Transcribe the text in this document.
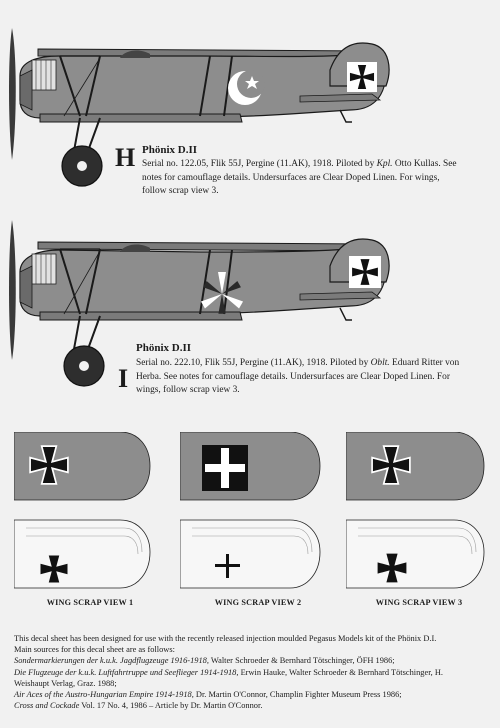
H Phönix D.II
Serial no. 122.05, Flik 55J, Pergine (11.AK), 1918. Piloted by Kpl. Otto Kullas. See
notes for camouflage details. Undersurfaces are Clear Doped Linen. For wings,
follow scrap view 3.
I
Phönix D.II
Serial no. 222.10, Flik 55J, Pergine (11.AK), 1918. Piloted by Oblt. Eduard Ritter von
Herba. See notes for camouflage details. Undersurfaces are Clear Doped Linen. For
wings, follow scrap view 3.
WING SCRAP VIEW 1	WING SCRAP VIEW 2	WING SCRAP VIEW 3

This decal sheet has been designed for use with the recently released injection moulded Pegasus Models kit of the Phönix D.I.

Main sources for this decal sheet are as follows:

Sondermarkierungen der k.u.k. Jagdflugzeuge 1916-1918, Walter Schroeder & Bernhard Tötschinger, ÖFH 1986;

Die Flugzeuge der k.u.k. Luftfahrtruppe und Seeflieger 1914-1918, Erwin Hauke, Walter Schroeder & Bernhard Tötschinger, H.

Weishaupt Verlag, Graz. 1988;

Air Aces of the Austro-Hungarian Empire 1914-1918, Dr. Martin O'Connor, Champlin Fighter Museum Press 1986;

Cross and Cockade Vol. 17 No. 4, 1986 – Article by Dr. Martin O'Connor.
